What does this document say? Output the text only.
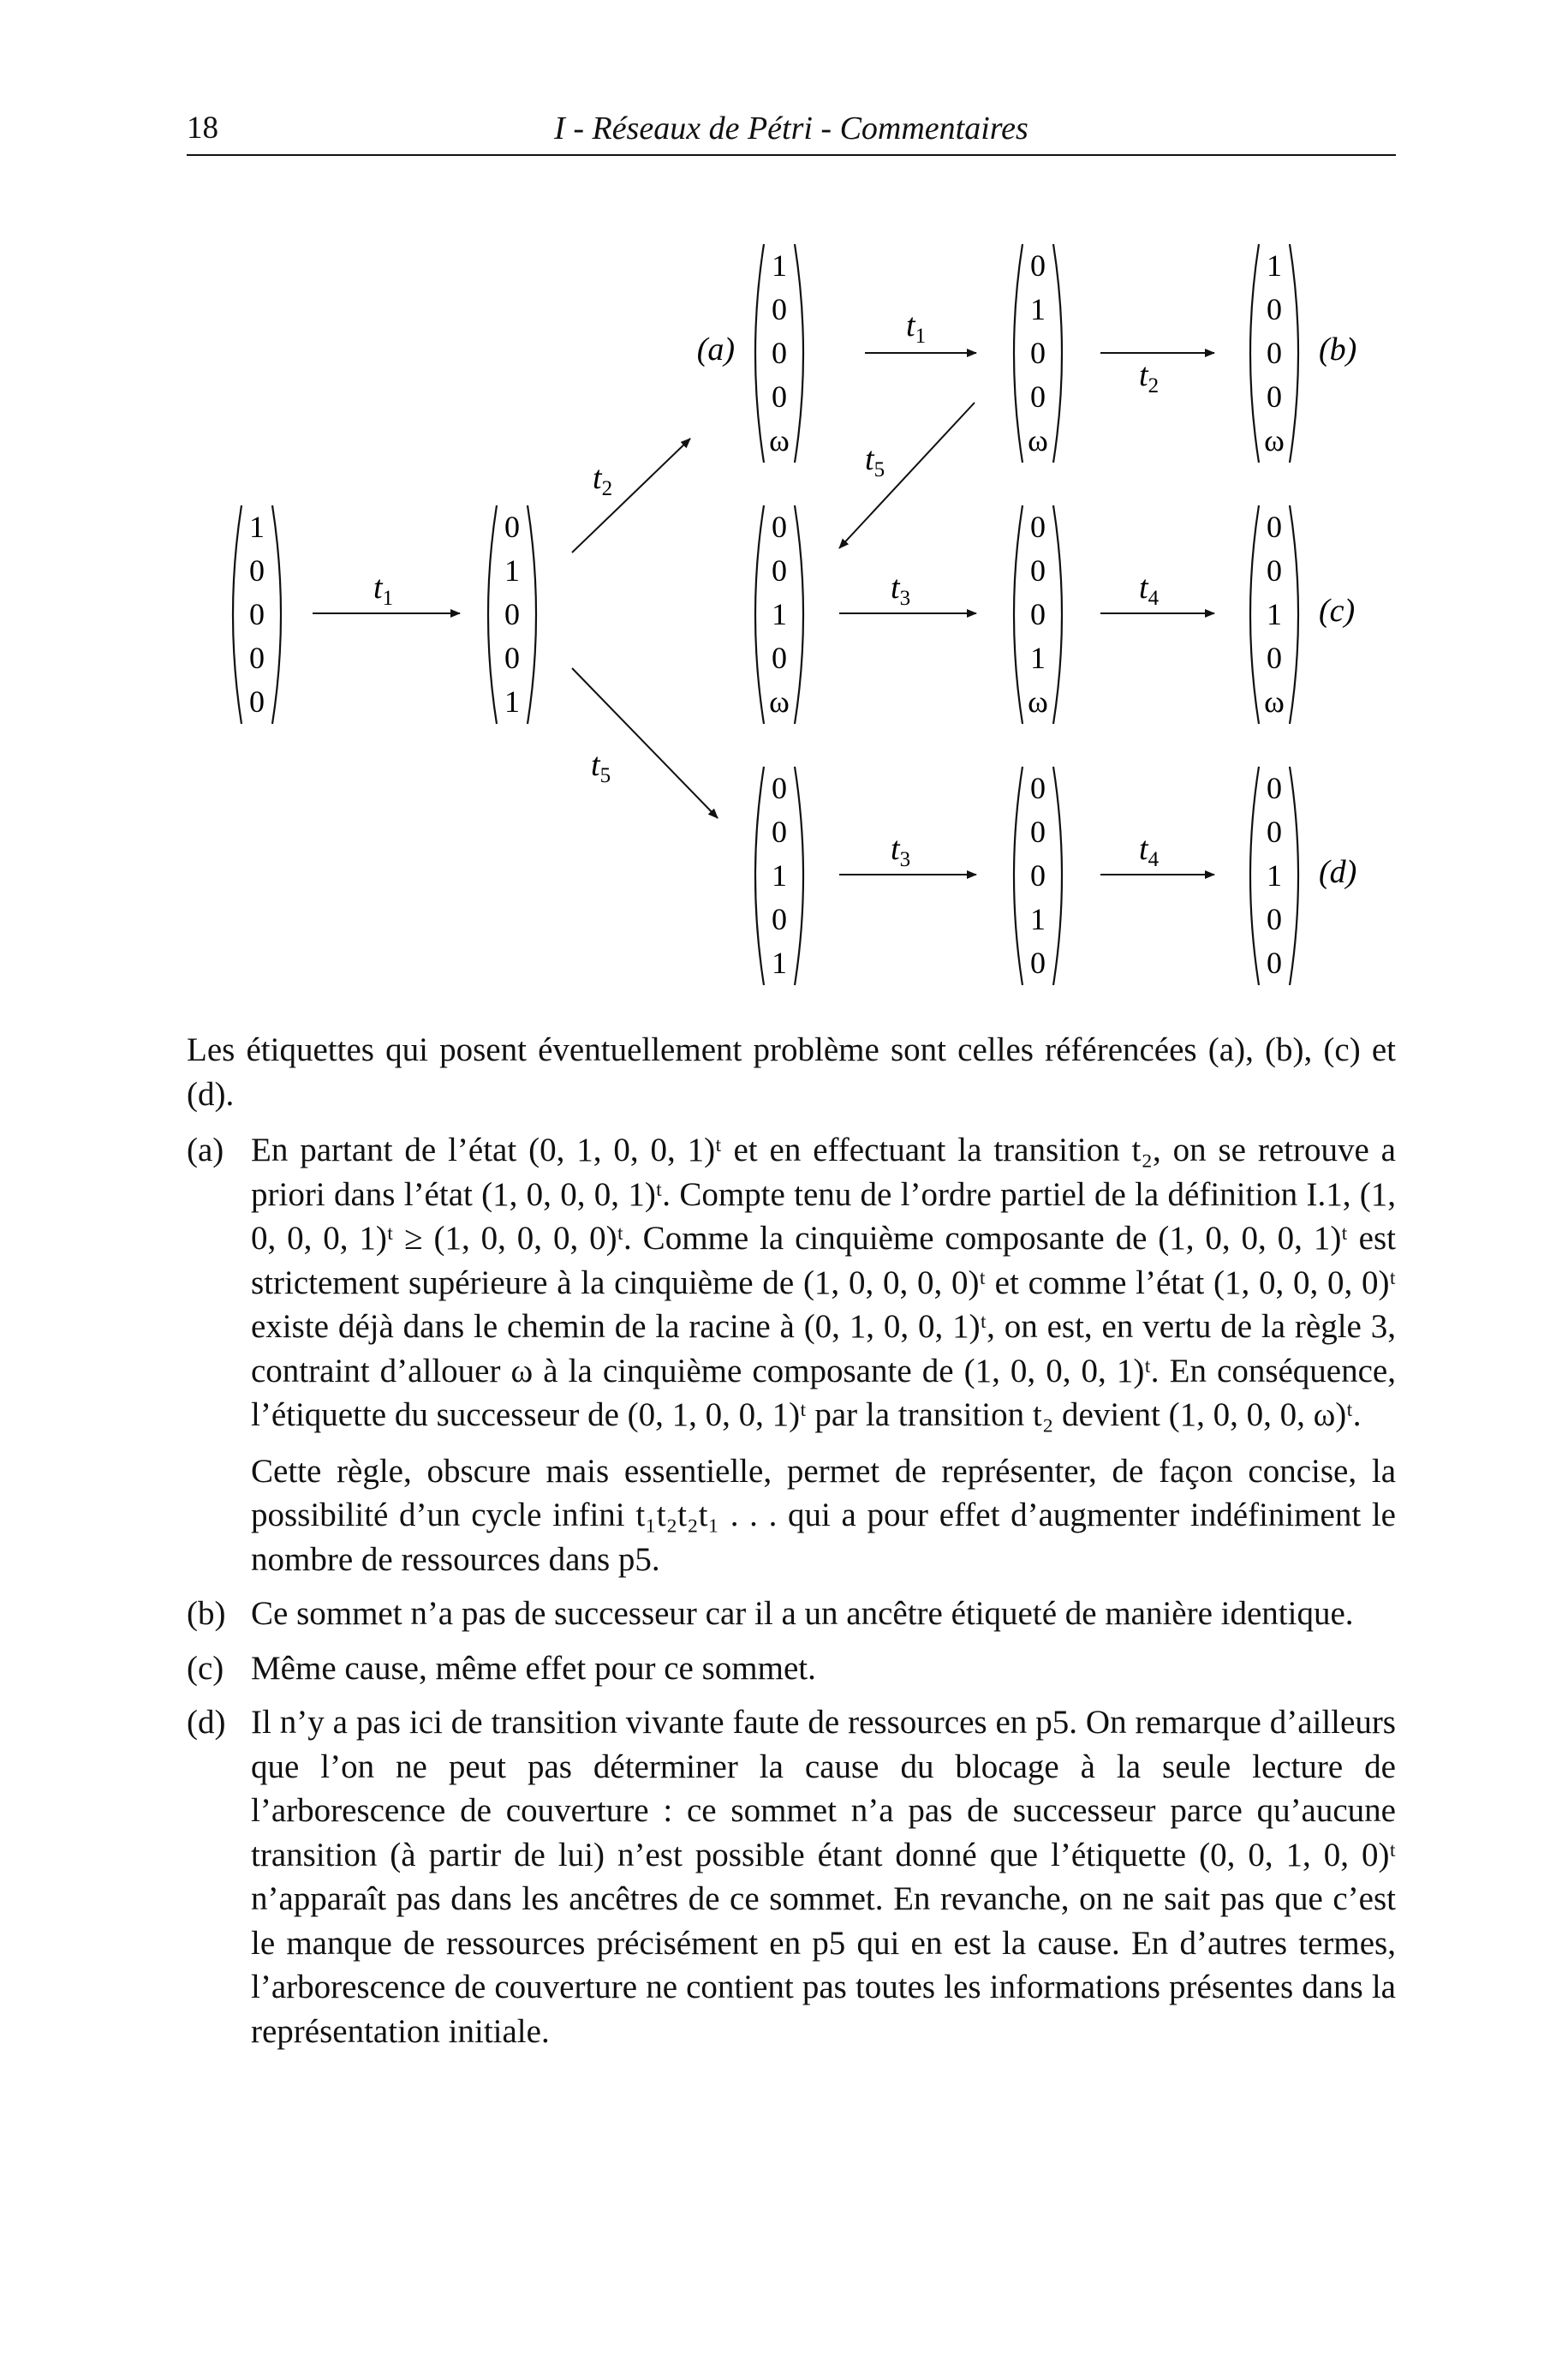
18	I - Réseaux de Pétri - Commentaires
$t_1$
$t_2$
$t_5$
$t_1$
$t_2$
$t_5$
$t_3$	$t_4$
$t_3$	$t_4$
1
0
0
0
0
0
1
0
0
1
1
0
0
0
ω
0
1
0
0
ω
1
0
0
0
ω
0
0
1
0
ω
0
0
0
1
ω
0
0
1
0
ω
0
0
1
0
1
0
0
0
1
0
0
0
1
0
0
(a)	(b)
(c)
(d)

Les étiquettes qui posent éventuellement problème sont celles référencées (a), (b), (c) et (d).

(a) En partant de l’état (0, 1, 0, 0, 1)ᵗ et en effectuant la transition t₂, on se retrouve a priori dans l’état (1, 0, 0, 0, 1)ᵗ. Compte tenu de l’ordre partiel de la définition I.1, (1, 0, 0, 0, 1)ᵗ ≥ (1, 0, 0, 0, 0)ᵗ. Comme la cinquième composante de (1, 0, 0, 0, 1)ᵗ est strictement supérieure à la cinquième de (1, 0, 0, 0, 0)ᵗ et comme l’état (1, 0, 0, 0, 0)ᵗ existe déjà dans le chemin de la racine à (0, 1, 0, 0, 1)ᵗ, on est, en vertu de la règle 3, contraint d’allouer ω à la cinquième composante de (1, 0, 0, 0, 1)ᵗ. En conséquence, l’étiquette du successeur de (0, 1, 0, 0, 1)ᵗ par la transition t₂ devient (1, 0, 0, 0, ω)ᵗ.
Cette règle, obscure mais essentielle, permet de représenter, de façon concise, la possibilité d’un cycle infini t₁t₂t₂t₁ . . . qui a pour effet d’augmenter indéfiniment le nombre de ressources dans p5.
(b) Ce sommet n’a pas de successeur car il a un ancêtre étiqueté de manière identique.
(c) Même cause, même effet pour ce sommet.
(d) Il n’y a pas ici de transition vivante faute de ressources en p5. On remarque d’ailleurs que l’on ne peut pas déterminer la cause du blocage à la seule lecture de l’arborescence de couverture : ce sommet n’a pas de successeur parce qu’aucune transition (à partir de lui) n’est possible étant donné que l’étiquette (0, 0, 1, 0, 0)ᵗ n’apparaît pas dans les ancêtres de ce sommet. En revanche, on ne sait pas que c’est le manque de ressources précisément en p5 qui en est la cause. En d’autres termes, l’arborescence de couverture ne contient pas toutes les informations présentes dans la représentation initiale.
